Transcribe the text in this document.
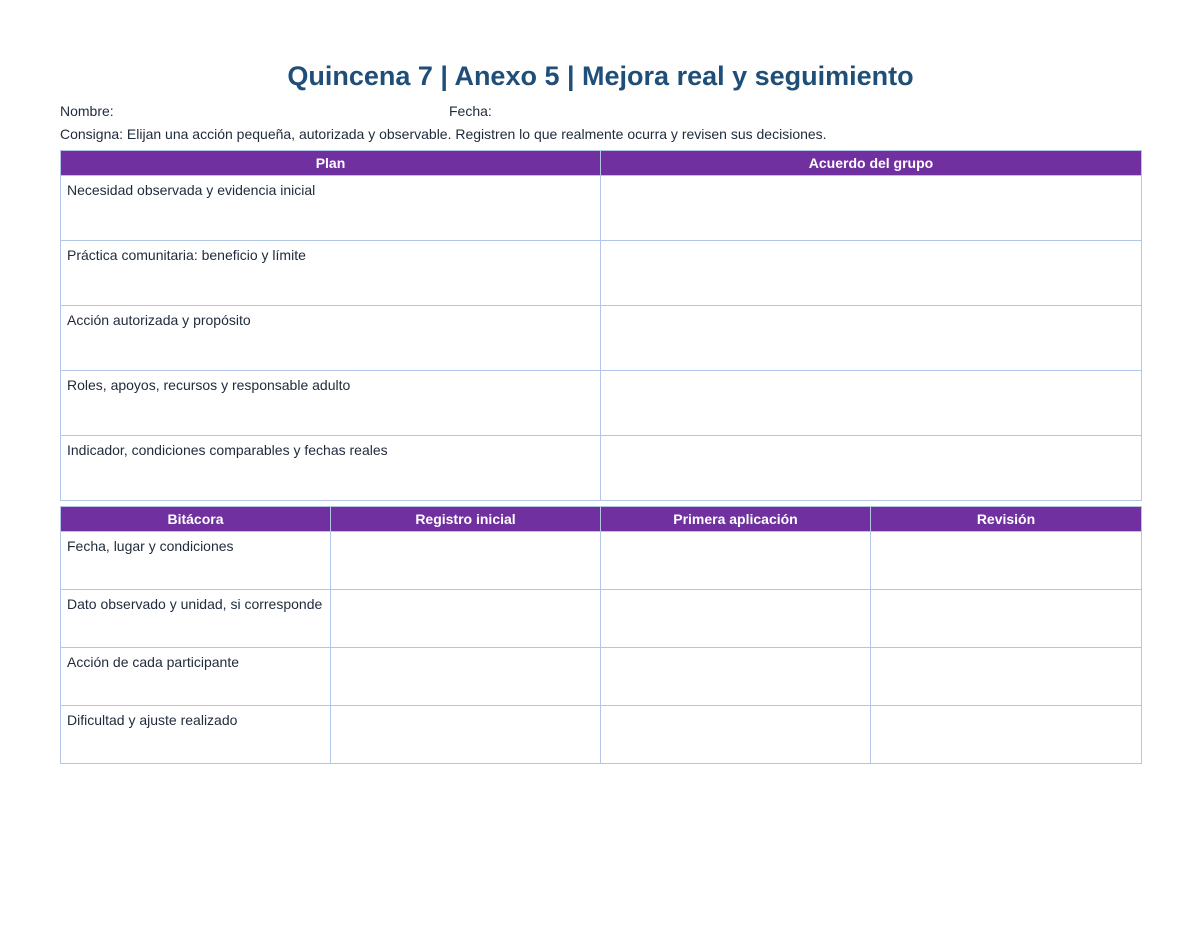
Quincena 7 | Anexo 5 | Mejora real y seguimiento
Nombre:	Fecha:
Consigna: Elijan una acción pequeña, autorizada y observable. Registren lo que realmente ocurra y revisen sus decisiones.
Plan	Acuerdo del grupo
Necesidad observada y evidencia inicial	
Práctica comunitaria: beneficio y límite	
Acción autorizada y propósito	
Roles, apoyos, recursos y responsable adulto	
Indicador, condiciones comparables y fechas reales	
Bitácora	Registro inicial	Primera aplicación	Revisión
Fecha, lugar y condiciones			
Dato observado y unidad, si corresponde			
Acción de cada participante			
Dificultad y ajuste realizado			
